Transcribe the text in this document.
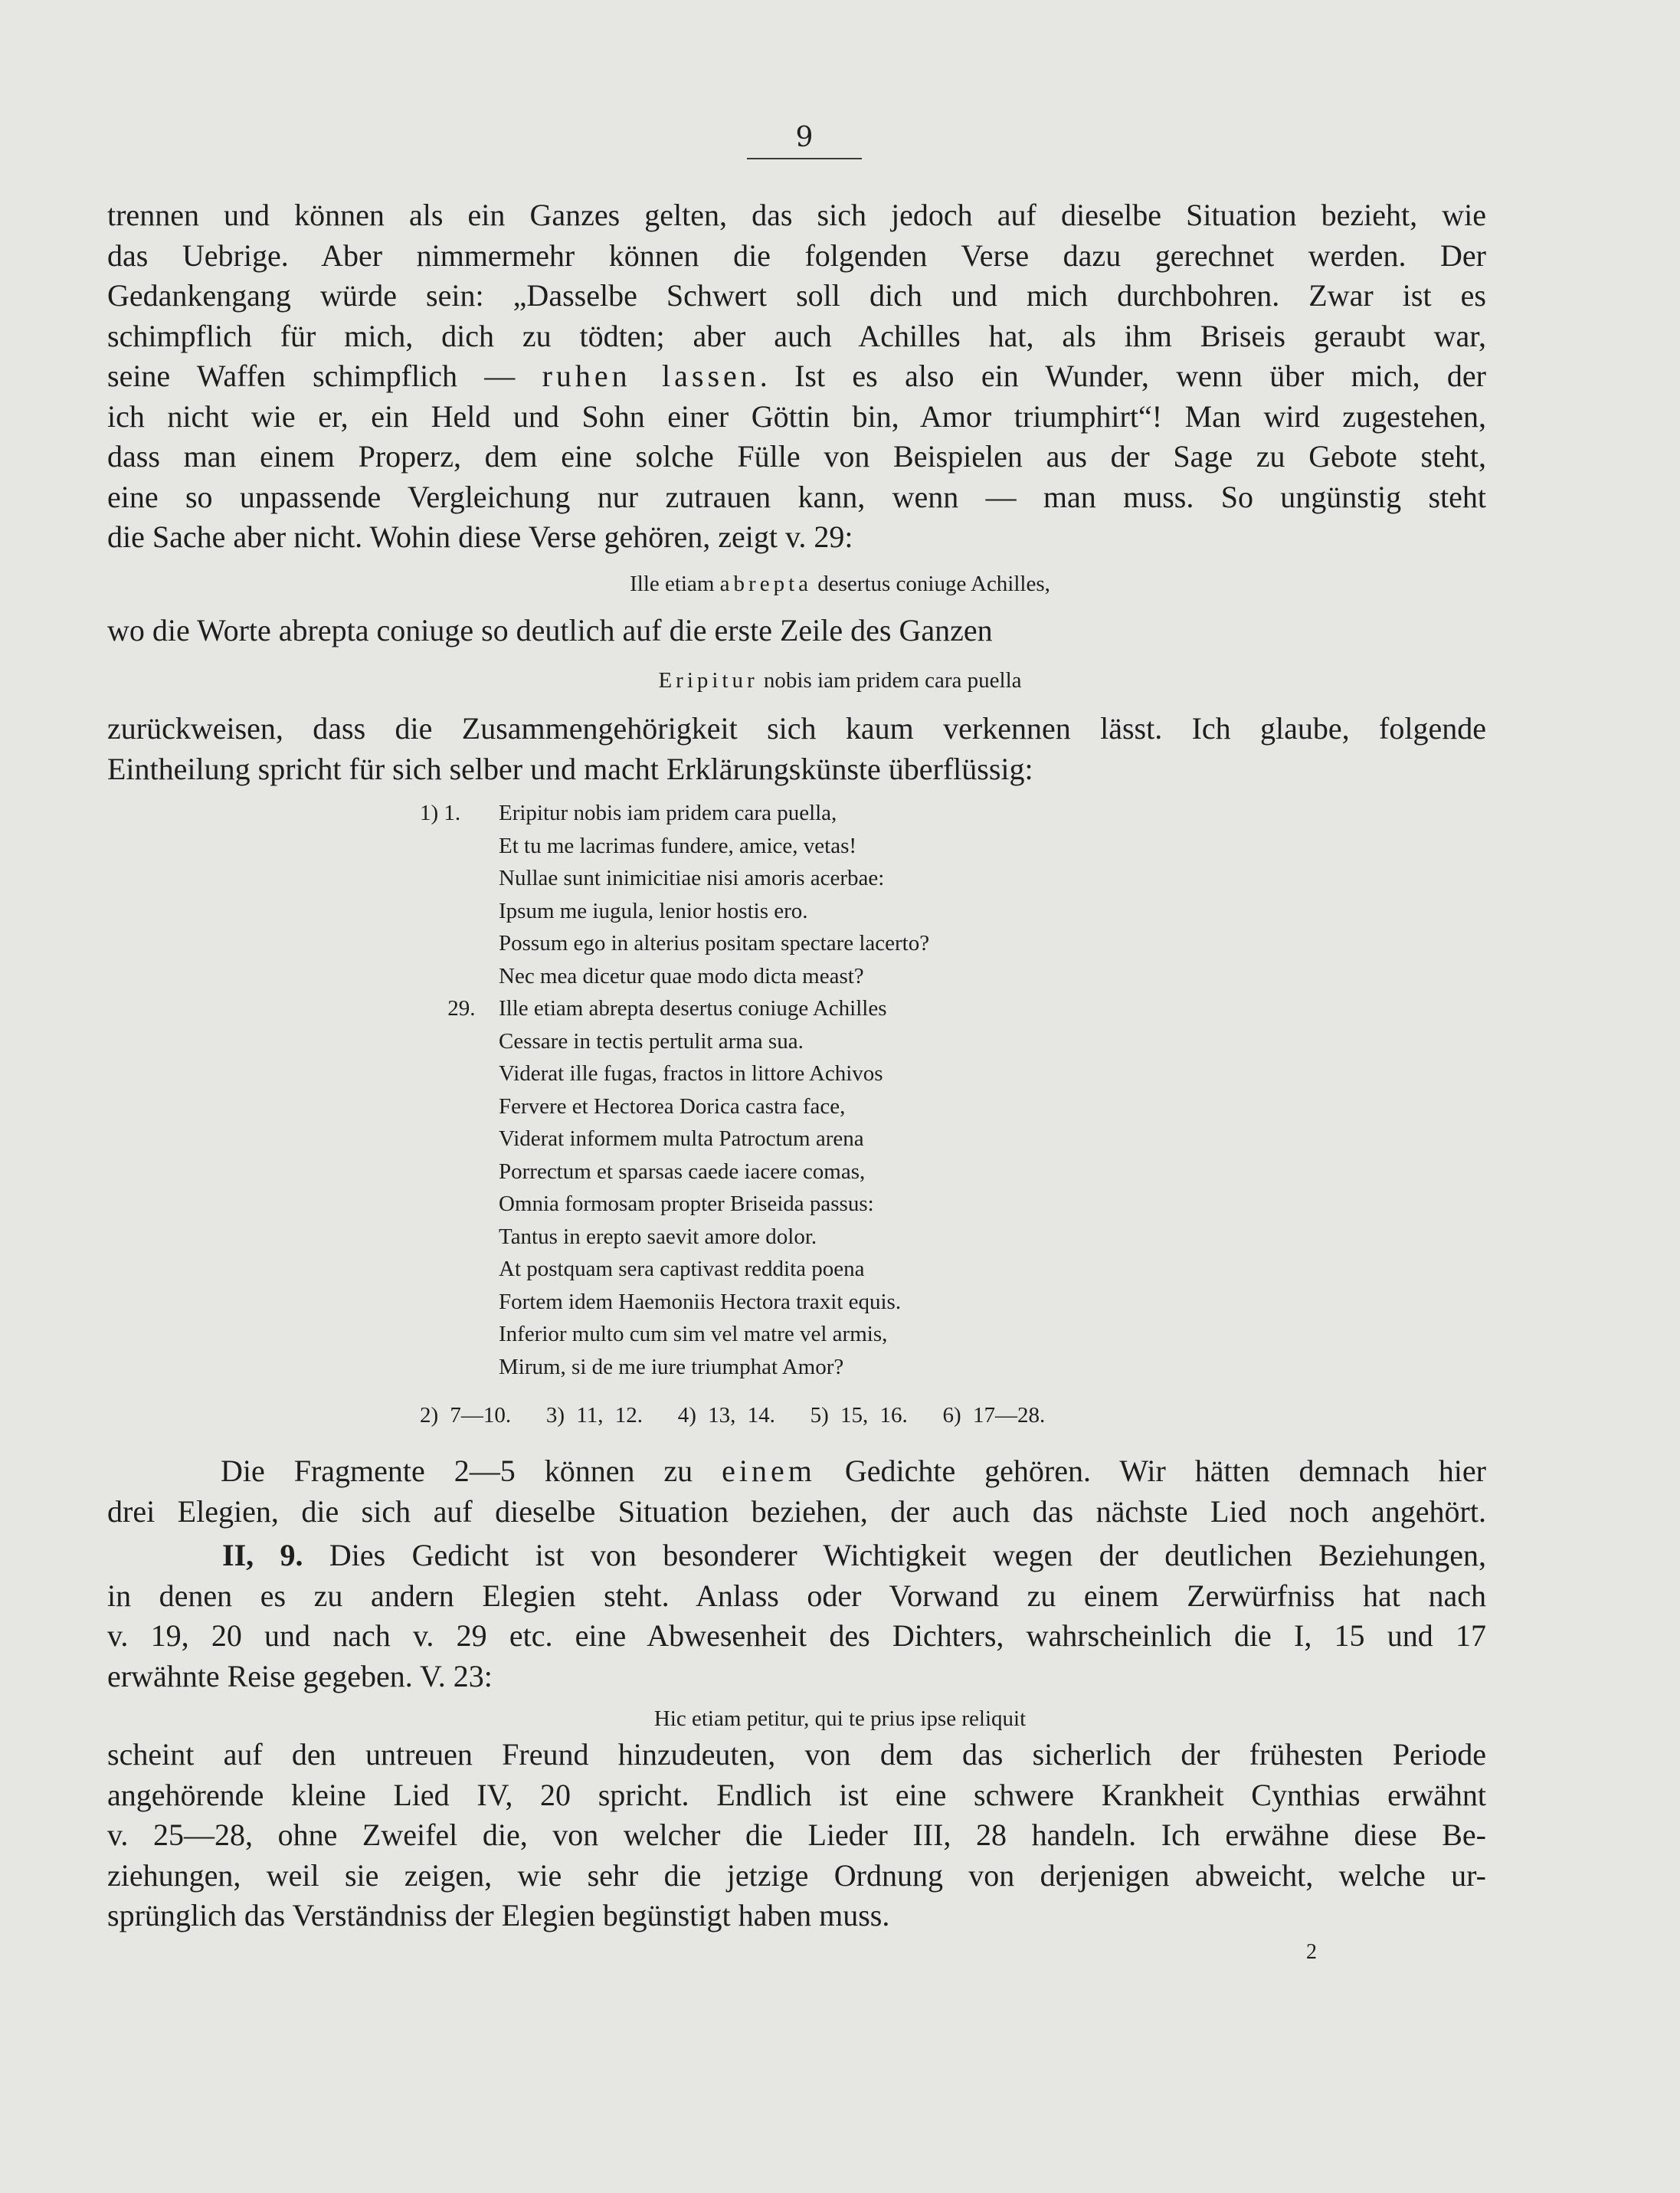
9
trennen und können als ein Ganzes gelten, das sich jedoch auf dieselbe Situation bezieht, wie
das Uebrige. Aber nimmermehr können die folgenden Verse dazu gerechnet werden. Der
Gedankengang würde sein: „Dasselbe Schwert soll dich und mich durchbohren. Zwar ist es
schimpflich für mich, dich zu tödten; aber auch Achilles hat, als ihm Briseis geraubt war,
seine Waffen schimpflich — ruhen lassen. Ist es also ein Wunder, wenn über mich, der
ich nicht wie er, ein Held und Sohn einer Göttin bin, Amor triumphirt“! Man wird zugestehen,
dass man einem Properz, dem eine solche Fülle von Beispielen aus der Sage zu Gebote steht,
eine so unpassende Vergleichung nur zutrauen kann, wenn — man muss. So ungünstig steht
die Sache aber nicht. Wohin diese Verse gehören, zeigt v. 29:
Ille etiam abrepta desertus coniuge Achilles,
wo die Worte abrepta coniuge so deutlich auf die erste Zeile des Ganzen
Eripitur nobis iam pridem cara puella
zurückweisen, dass die Zusammengehörigkeit sich kaum verkennen lässt. Ich glaube, folgende
Eintheilung spricht für sich selber und macht Erklärungskünste überflüssig:
1) 1.	Eripitur nobis iam pridem cara puella,
Et tu me lacrimas fundere, amice, vetas!
Nullae sunt inimicitiae nisi amoris acerbae:
Ipsum me iugula, lenior hostis ero.
Possum ego in alterius positam spectare lacerto?
Nec mea dicetur quae modo dicta meast?
29. Ille etiam abrepta desertus coniuge Achilles
Cessare in tectis pertulit arma sua.
Viderat ille fugas, fractos in littore Achivos
Fervere et Hectorea Dorica castra face,
Viderat informem multa Patroctum arena
Porrectum et sparsas caede iacere comas,
Omnia formosam propter Briseida passus:
Tantus in erepto saevit amore dolor.
At postquam sera captivast reddita poena
Fortem idem Haemoniis Hectora traxit equis.
Inferior multo cum sim vel matre vel armis,
Mirum, si de me iure triumphat Amor?
2) 7—10.   3) 11, 12.   4) 13, 14.   5) 15, 16.   6) 17—28.
Die Fragmente 2—5 können zu einem Gedichte gehören. Wir hätten demnach hier
drei Elegien, die sich auf dieselbe Situation beziehen, der auch das nächste Lied noch angehört.
II, 9. Dies Gedicht ist von besonderer Wichtigkeit wegen der deutlichen Beziehungen,
in denen es zu andern Elegien steht. Anlass oder Vorwand zu einem Zerwürfniss hat nach
v. 19, 20 und nach v. 29 etc. eine Abwesenheit des Dichters, wahrscheinlich die I, 15 und 17
erwähnte Reise gegeben. V. 23:
Hic etiam petitur, qui te prius ipse reliquit
scheint auf den untreuen Freund hinzudeuten, von dem das sicherlich der frühesten Periode
angehörende kleine Lied IV, 20 spricht. Endlich ist eine schwere Krankheit Cynthias erwähnt
v. 25—28, ohne Zweifel die, von welcher die Lieder III, 28 handeln. Ich erwähne diese Be-
ziehungen, weil sie zeigen, wie sehr die jetzige Ordnung von derjenigen abweicht, welche ur-
sprünglich das Verständniss der Elegien begünstigt haben muss.
2
